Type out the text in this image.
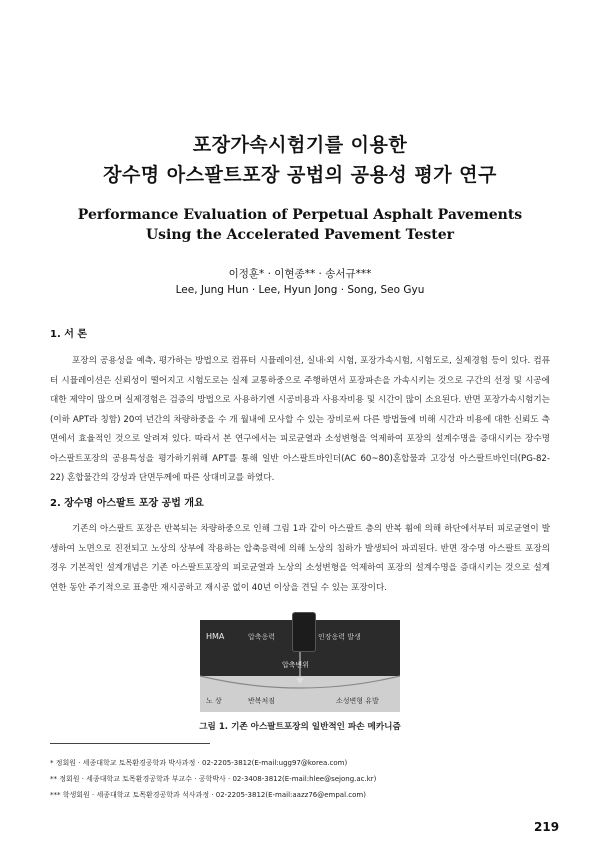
포장가속시험기를 이용한
장수명 아스팔트포장 공법의 공용성 평가 연구
Performance Evaluation of Perpetual Asphalt Pavements
Using the Accelerated Pavement Tester
이정훈* · 이현종** · 송서규***
Lee, Jung Hun · Lee, Hyun Jong · Song, Seo Gyu
1. 서 론

포장의 공용성을 예측, 평가하는 방법으로 컴퓨터 시뮬레이션, 실내·외 시험, 포장가속시험, 시험도로, 실제경험 등이 있다. 컴퓨터 시뮬레이션은 신뢰성이 떨어지고 시험도로는 실제 교통하중으로 주행하면서 포장파손을 가속시키는 것으로 구간의 선정 및 시공에 대한 제약이 많으며 실제경험은 검증의 방법으로 사용하기엔 시공비용과 사용자비용 및 시간이 많이 소요된다. 반면 포장가속시험기는(이하 APT라 칭함) 20여 년간의 차량하중을 수 개 월내에 모사할 수 있는 장비로써 다른 방법들에 비해 시간과 비용에 대한 신뢰도 측면에서 효율적인 것으로 알려져 있다. 따라서 본 연구에서는 피로균열과 소성변형을 억제하여 포장의 설계수명을 증대시키는 장수명 아스팔트포장의 공용특성을 평가하기위해 APT를 통해 일반 아스팔트바인더(AC 60~80)혼합물과 고강성 아스팔트바인더(PG-82-22) 혼합물간의 강성과 단면두께에 따른 상대비교를 하였다.

2. 장수명 아스팔트 포장 공법 개요

기존의 아스팔트 포장은 반복되는 차량하중으로 인해 그림 1과 같이 아스팔트 층의 반복 휨에 의해 하단에서부터 피로균열이 발생하여 노면으로 진전되고 노상의 상부에 작용하는 압축응력에 의해 노상의 침하가 발생되어 파괴된다. 반면 장수명 아스팔트 포장의 경우 기본적인 설계개념은 기존 아스팔트포장의 피로균열과 노상의 소성변형을 억제하여 포장의 설계수명을 증대시키는 것으로 설계연한 동안 주기적으로 표층만 재시공하고 재시공 없이 40년 이상을 견딜 수 있는 포장이다.

HMA	압축응력	인장응력 발생
압축변위
노 상	반복처짐	소성변형 유발
그림 1. 기존 아스팔트포장의 일반적인 파손 메카니즘
* 정회원 · 세종대학교 토목환경공학과 박사과정 · 02-2205-3812(E-mail:ugg97@korea.com)
** 정회원 · 세종대학교 토목환경공학과 부교수 · 공학박사 · 02-3408-3812(E-mail:hlee@sejong.ac.kr)
*** 학생회원 · 세종대학교 토목환경공학과 석사과정 · 02-2205-3812(E-mail:aazz76@empal.com)
219
